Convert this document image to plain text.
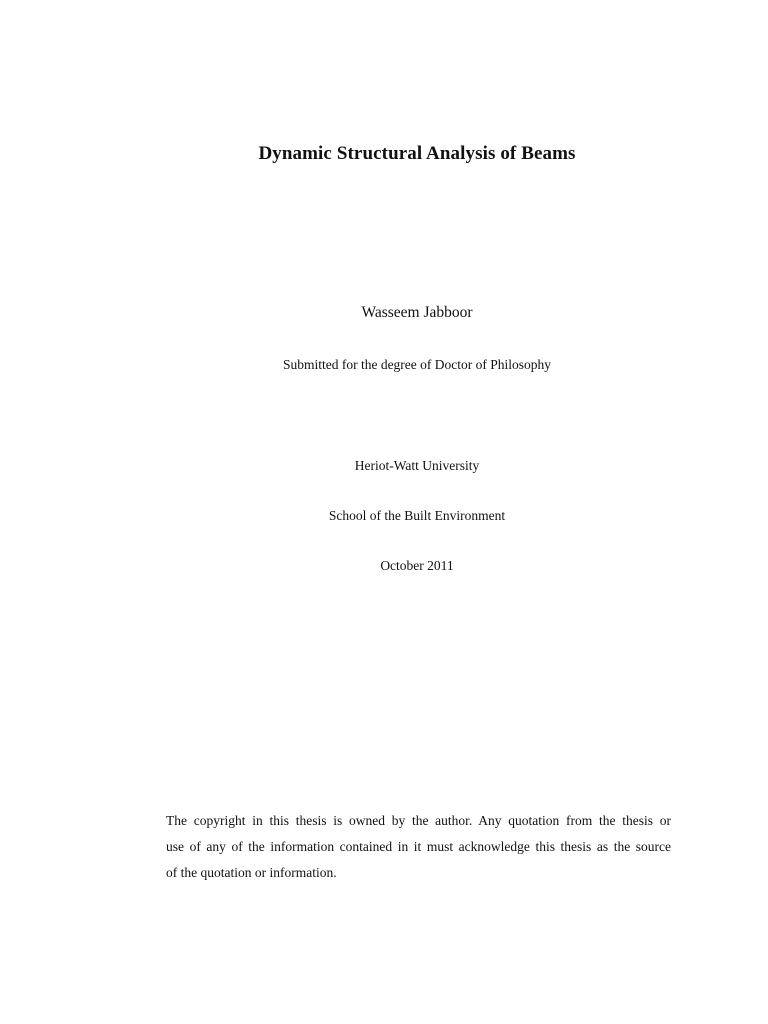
Dynamic Structural Analysis of Beams

Wasseem Jabboor

Submitted for the degree of Doctor of Philosophy

Heriot-Watt University

School of the Built Environment

October 2011

The copyright in this thesis is owned by the author. Any quotation from the thesis or
use of any of the information contained in it must acknowledge this thesis as the source
of the quotation or information.
